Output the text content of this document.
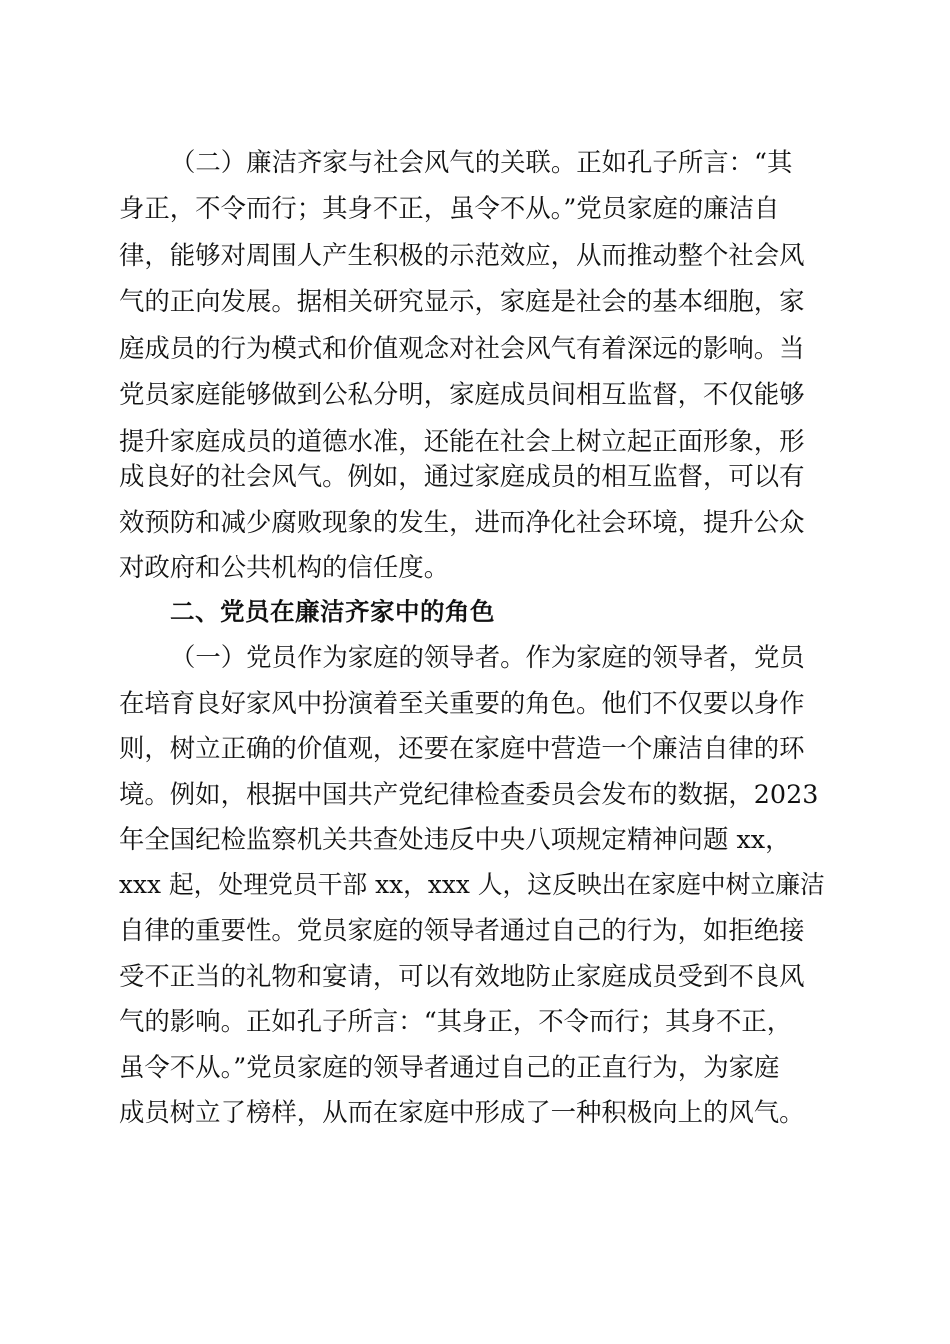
（二）廉洁齐家与社会风气的关联。正如孔子所言：“其
身正，不令而行；其身不正，虽令不从。”党员家庭的廉洁自
律，能够对周围人产生积极的示范效应，从而推动整个社会风
气的正向发展。据相关研究显示，家庭是社会的基本细胞，家
庭成员的行为模式和价值观念对社会风气有着深远的影响。当
党员家庭能够做到公私分明，家庭成员间相互监督，不仅能够
提升家庭成员的道德水准，还能在社会上树立起正面形象，形
成良好的社会风气。例如，通过家庭成员的相互监督，可以有
效预防和减少腐败现象的发生，进而净化社会环境，提升公众
对政府和公共机构的信任度。
二、党员在廉洁齐家中的角色
（一）党员作为家庭的领导者。作为家庭的领导者，党员
在培育良好家风中扮演着至关重要的角色。他们不仅要以身作
则，树立正确的价值观，还要在家庭中营造一个廉洁自律的环
境。例如，根据中国共产党纪律检查委员会发布的数据，2023
年全国纪检监察机关共查处违反中央八项规定精神问题 xx，
xxx 起，处理党员干部 xx，xxx 人，这反映出在家庭中树立廉洁
自律的重要性。党员家庭的领导者通过自己的行为，如拒绝接
受不正当的礼物和宴请，可以有效地防止家庭成员受到不良风
气的影响。正如孔子所言：“其身正，不令而行；其身不正，
虽令不从。”党员家庭的领导者通过自己的正直行为，为家庭
成员树立了榜样，从而在家庭中形成了一种积极向上的风气。
